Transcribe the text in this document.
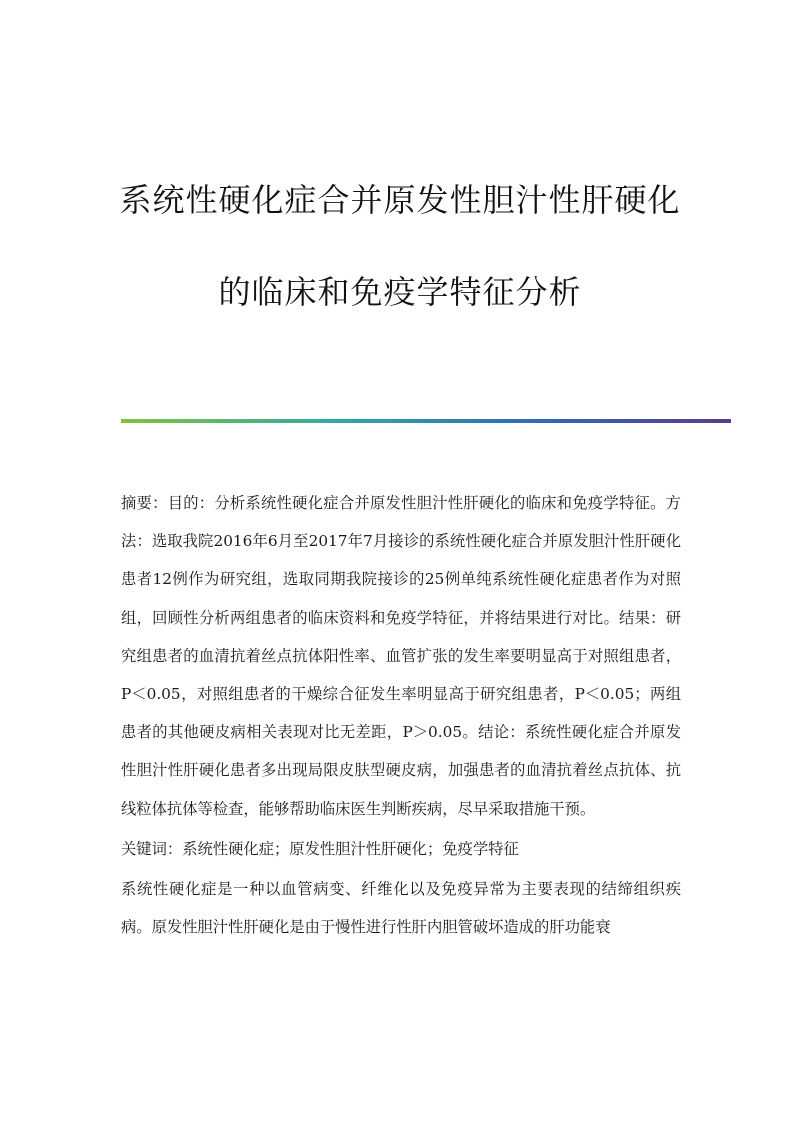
系统性硬化症合并原发性胆汁性肝硬化
的临床和免疫学特征分析

摘要：目的：分析系统性硬化症合并原发性胆汁性肝硬化的临床和免疫学特征。方法：选取我院2016年6月至2017年7月接诊的系统性硬化症合并原发胆汁性肝硬化患者12例作为研究组，选取同期我院接诊的25例单纯系统性硬化症患者作为对照组，回顾性分析两组患者的临床资料和免疫学特征，并将结果进行对比。结果：研究组患者的血清抗着丝点抗体阳性率、血管扩张的发生率要明显高于对照组患者，P＜0.05，对照组患者的干燥综合征发生率明显高于研究组患者，P＜0.05；两组患者的其他硬皮病相关表现对比无差距，P＞0.05。结论：系统性硬化症合并原发性胆汁性肝硬化患者多出现局限皮肤型硬皮病，加强患者的血清抗着丝点抗体、抗线粒体抗体等检查，能够帮助临床医生判断疾病，尽早采取措施干预。

关键词：系统性硬化症；原发性胆汁性肝硬化；免疫学特征

系统性硬化症是一种以血管病变、纤维化以及免疫异常为主要表现的结缔组织疾病。原发性胆汁性肝硬化是由于慢性进行性肝内胆管破坏造成的肝功能衰
